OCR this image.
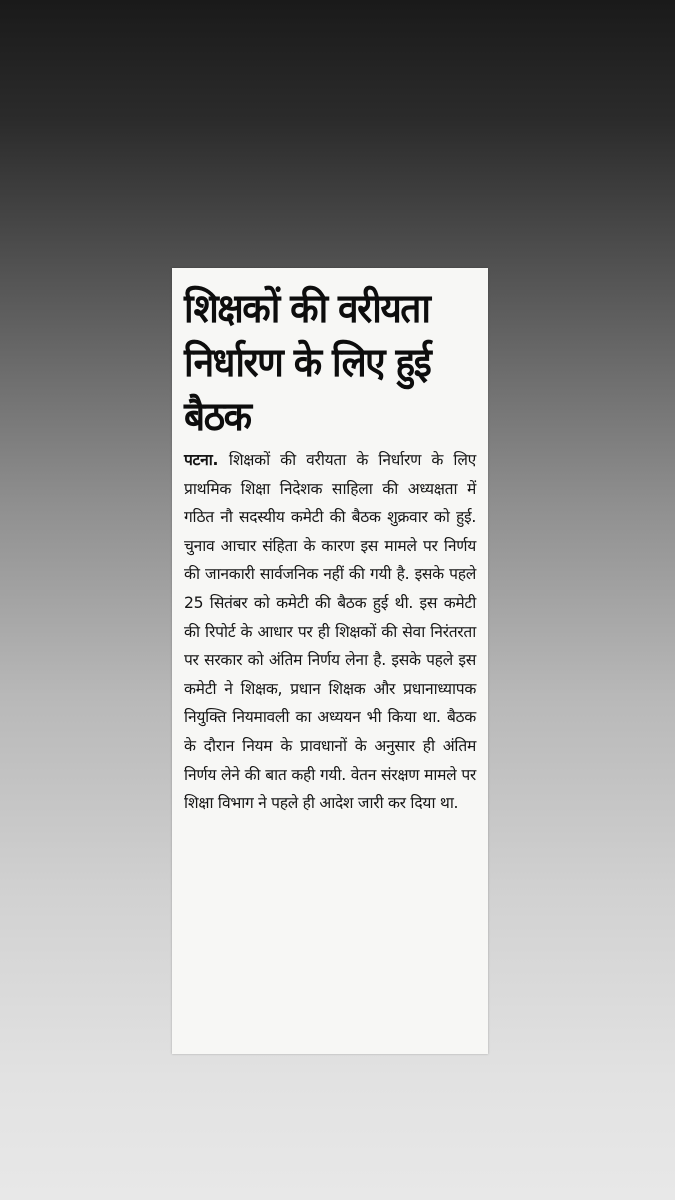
शिक्षकों की वरीयता निर्धारण के लिए हुई बैठक
पटना. शिक्षकों की वरीयता के निर्धारण के लिए प्राथमिक शिक्षा निदेशक साहिला की अध्यक्षता में गठित नौ सदस्यीय कमेटी की बैठक शुक्रवार को हुई. चुनाव आचार संहिता के कारण इस मामले पर निर्णय की जानकारी सार्वजनिक नहीं की गयी है. इसके पहले 25 सितंबर को कमेटी की बैठक हुई थी. इस कमेटी की रिपोर्ट के आधार पर ही शिक्षकों की सेवा निरंतरता पर सरकार को अंतिम निर्णय लेना है. इसके पहले इस कमेटी ने शिक्षक, प्रधान शिक्षक और प्रधानाध्यापक नियुक्ति नियमावली का अध्ययन भी किया था. बैठक के दौरान नियम के प्रावधानों के अनुसार ही अंतिम निर्णय लेने की बात कही गयी. वेतन संरक्षण मामले पर शिक्षा विभाग ने पहले ही आदेश जारी कर दिया था.
